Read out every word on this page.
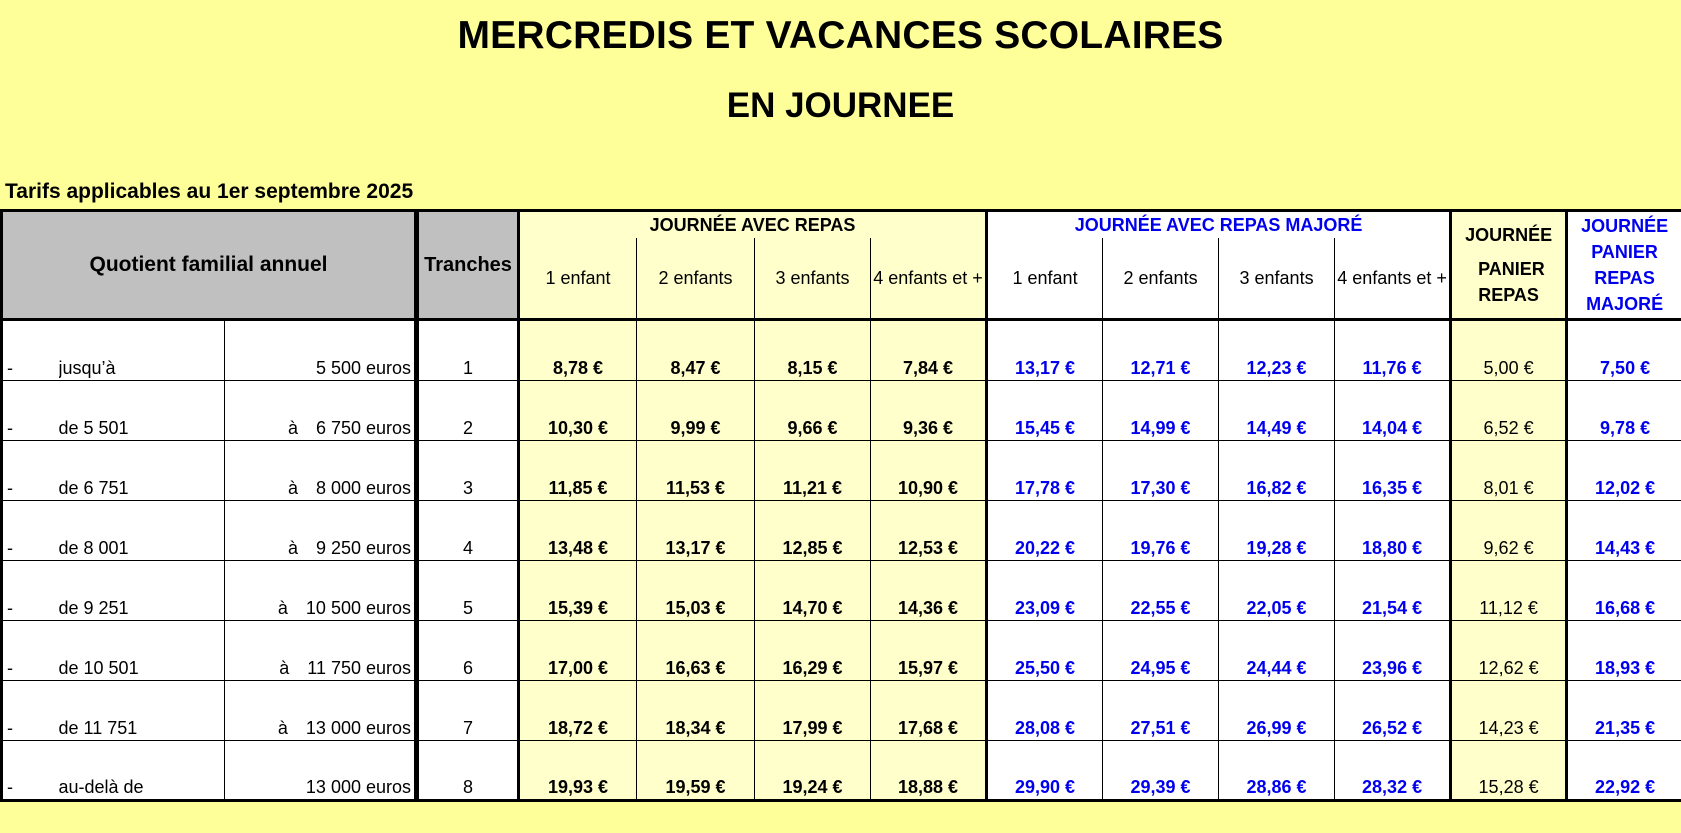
MERCREDIS ET VACANCES SCOLAIRES
EN JOURNEE
Tarifs applicables au 1er septembre 2025
Quotient familial annuel			Tranches	JOURNÉE AVEC REPAS				JOURNÉE AVEC REPAS MAJORÉ				JOURNÉE
PANIER REPAS	JOURNÉE PANIER REPAS MAJORÉ
				1 enfant	2 enfants	3 enfants	4 enfants et +	1 enfant	2 enfants	3 enfants	4 enfants et +		
-	jusqu’à	5 500 euros	1	8,78 €	8,47 €	8,15 €	7,84 €	13,17 €	12,71 €	12,23 €	11,76 €	5,00 €	7,50 €
-	de 5 501	à 6 750 euros	2	10,30 €	9,99 €	9,66 €	9,36 €	15,45 €	14,99 €	14,49 €	14,04 €	6,52 €	9,78 €
-	de 6 751	à 8 000 euros	3	11,85 €	11,53 €	11,21 €	10,90 €	17,78 €	17,30 €	16,82 €	16,35 €	8,01 €	12,02 €
-	de 8 001	à 9 250 euros	4	13,48 €	13,17 €	12,85 €	12,53 €	20,22 €	19,76 €	19,28 €	18,80 €	9,62 €	14,43 €
-	de 9 251	à 10 500 euros	5	15,39 €	15,03 €	14,70 €	14,36 €	23,09 €	22,55 €	22,05 €	21,54 €	11,12 €	16,68 €
-	de 10 501	à 11 750 euros	6	17,00 €	16,63 €	16,29 €	15,97 €	25,50 €	24,95 €	24,44 €	23,96 €	12,62 €	18,93 €
-	de 11 751	à 13 000 euros	7	18,72 €	18,34 €	17,99 €	17,68 €	28,08 €	27,51 €	26,99 €	26,52 €	14,23 €	21,35 €
-	au-delà de	13 000 euros	8	19,93 €	19,59 €	19,24 €	18,88 €	29,90 €	29,39 €	28,86 €	28,32 €	15,28 €	22,92 €
